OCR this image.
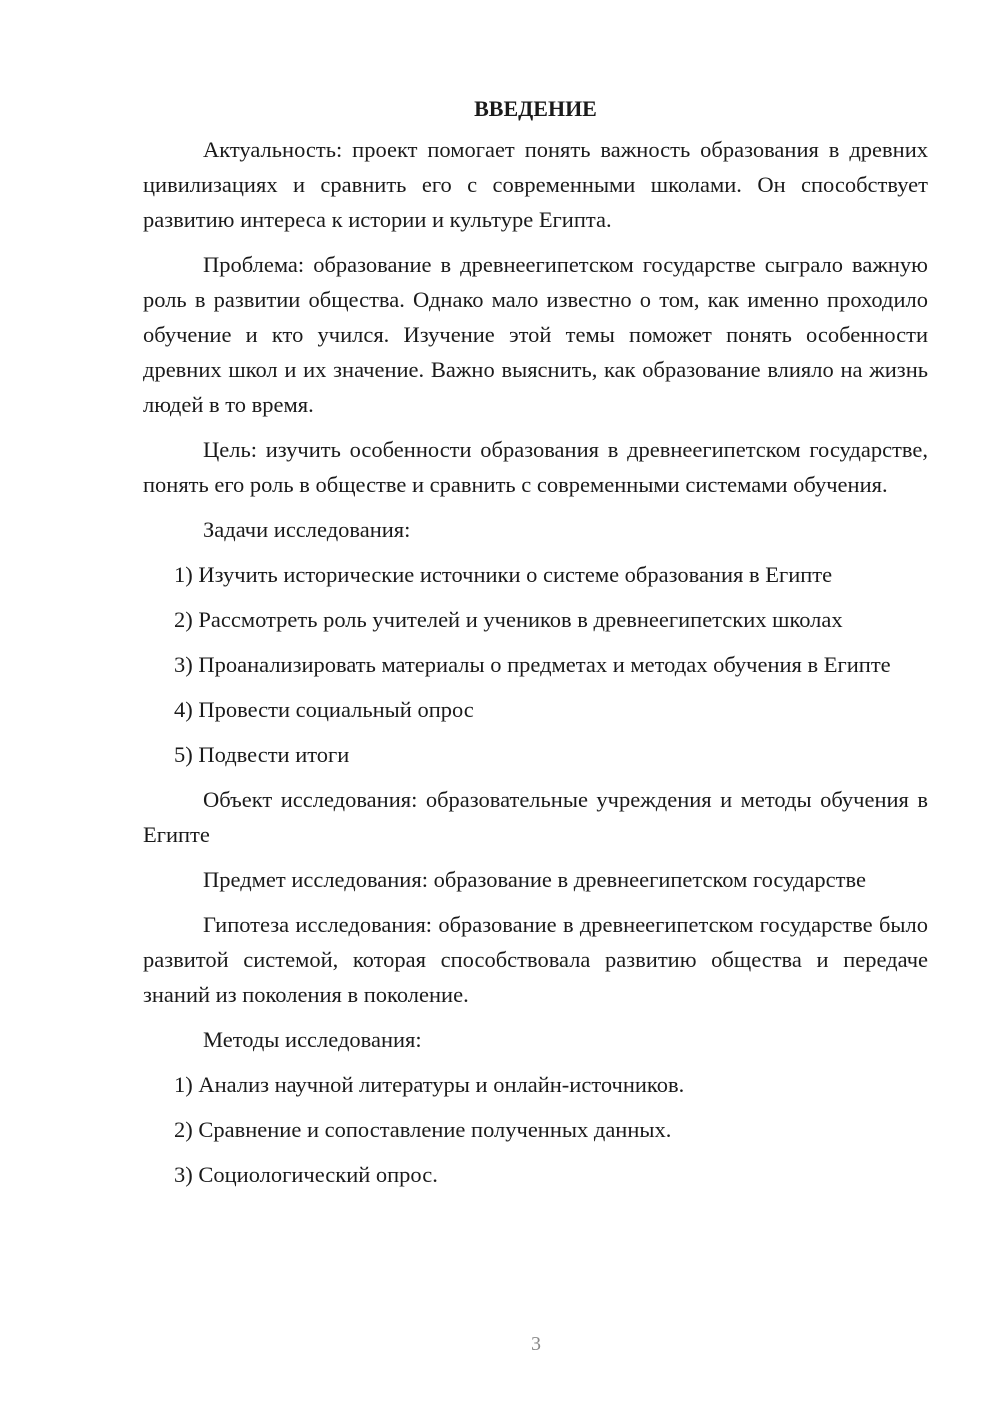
ВВЕДЕНИЕ

Актуальность: проект помогает понять важность образования в древних цивилизациях и сравнить его с современными школами. Он способствует развитию интереса к истории и культуре Египта.

Проблема: образование в древнеегипетском государстве сыграло важную роль в развитии общества. Однако мало известно о том, как именно проходило обучение и кто учился. Изучение этой темы поможет понять особенности древних школ и их значение. Важно выяснить, как образование влияло на жизнь людей в то время.

Цель: изучить особенности образования в древнеегипетском государстве, понять его роль в обществе и сравнить с современными системами обучения.

Задачи исследования:

1) Изучить исторические источники о системе образования в Египте

2) Рассмотреть роль учителей и учеников в древнеегипетских школах

3) Проанализировать материалы о предметах и методах обучения в Египте

4) Провести социальный опрос

5) Подвести итоги

Объект исследования: образовательные учреждения и методы обучения в Египте

Предмет исследования: образование в древнеегипетском государстве

Гипотеза исследования: образование в древнеегипетском государстве было развитой системой, которая способствовала развитию общества и передаче знаний из поколения в поколение.

Методы исследования:

1) Анализ научной литературы и онлайн-источников.

2) Сравнение и сопоставление полученных данных.

3) Социологический опрос.

3
